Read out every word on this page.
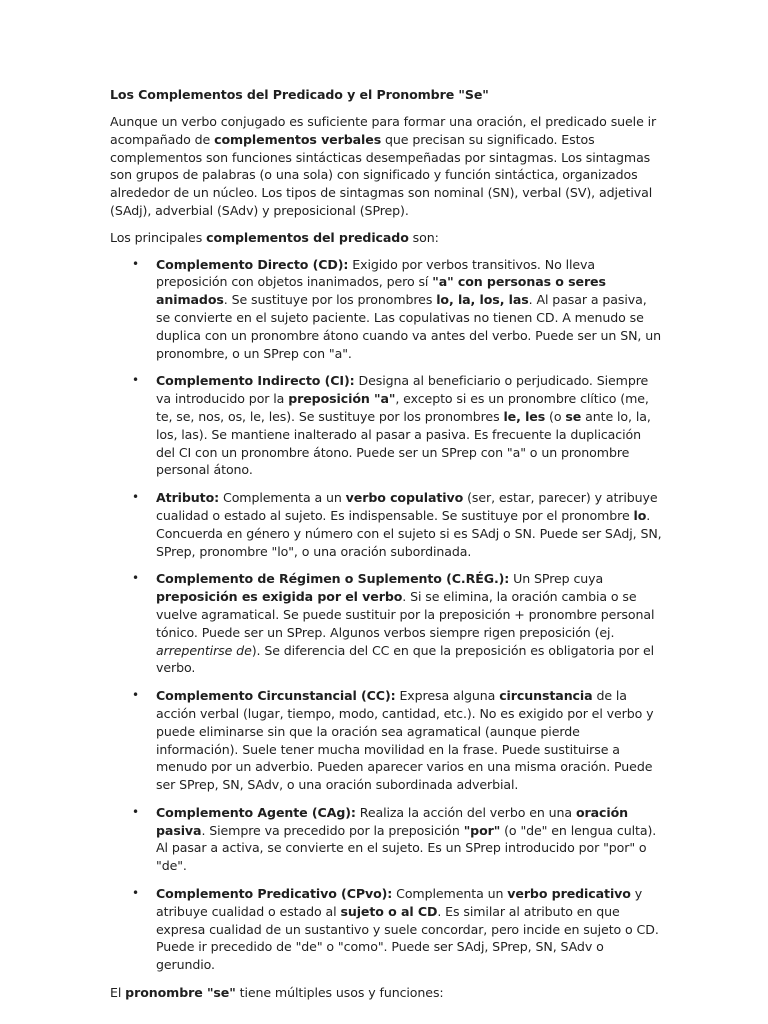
Los Complementos del Predicado y el Pronombre "Se"

Aunque un verbo conjugado es suficiente para formar una oración, el predicado suele ir acompañado de complementos verbales que precisan su significado. Estos complementos son funciones sintácticas desempeñadas por sintagmas. Los sintagmas son grupos de palabras (o una sola) con significado y función sintáctica, organizados alrededor de un núcleo. Los tipos de sintagmas son nominal (SN), verbal (SV), adjetival (SAdj), adverbial (SAdv) y preposicional (SPrep).

Los principales complementos del predicado son:

• Complemento Directo (CD): Exigido por verbos transitivos. No lleva preposición con objetos inanimados, pero sí "a" con personas o seres animados. Se sustituye por los pronombres lo, la, los, las. Al pasar a pasiva, se convierte en el sujeto paciente. Las copulativas no tienen CD. A menudo se duplica con un pronombre átono cuando va antes del verbo. Puede ser un SN, un pronombre, o un SPrep con "a".
• Complemento Indirecto (CI): Designa al beneficiario o perjudicado. Siempre va introducido por la preposición "a", excepto si es un pronombre clítico (me, te, se, nos, os, le, les). Se sustituye por los pronombres le, les (o se ante lo, la, los, las). Se mantiene inalterado al pasar a pasiva. Es frecuente la duplicación del CI con un pronombre átono. Puede ser un SPrep con "a" o un pronombre personal átono.
• Atributo: Complementa a un verbo copulativo (ser, estar, parecer) y atribuye cualidad o estado al sujeto. Es indispensable. Se sustituye por el pronombre lo. Concuerda en género y número con el sujeto si es SAdj o SN. Puede ser SAdj, SN, SPrep, pronombre "lo", o una oración subordinada.
• Complemento de Régimen o Suplemento (C.RÉG.): Un SPrep cuya preposición es exigida por el verbo. Si se elimina, la oración cambia o se vuelve agramatical. Se puede sustituir por la preposición + pronombre personal tónico. Puede ser un SPrep. Algunos verbos siempre rigen preposición (ej. arrepentirse de). Se diferencia del CC en que la preposición es obligatoria por el verbo.
• Complemento Circunstancial (CC): Expresa alguna circunstancia de la acción verbal (lugar, tiempo, modo, cantidad, etc.). No es exigido por el verbo y puede eliminarse sin que la oración sea agramatical (aunque pierde información). Suele tener mucha movilidad en la frase. Puede sustituirse a menudo por un adverbio. Pueden aparecer varios en una misma oración. Puede ser SPrep, SN, SAdv, o una oración subordinada adverbial.
• Complemento Agente (CAg): Realiza la acción del verbo en una oración pasiva. Siempre va precedido por la preposición "por" (o "de" en lengua culta). Al pasar a activa, se convierte en el sujeto. Es un SPrep introducido por "por" o "de".
• Complemento Predicativo (CPvo): Complementa un verbo predicativo y atribuye cualidad o estado al sujeto o al CD. Es similar al atributo en que expresa cualidad de un sustantivo y suele concordar, pero incide en sujeto o CD. Puede ir precedido de "de" o "como". Puede ser SAdj, SPrep, SN, SAdv o gerundio.

El pronombre "se" tiene múltiples usos y funciones:
